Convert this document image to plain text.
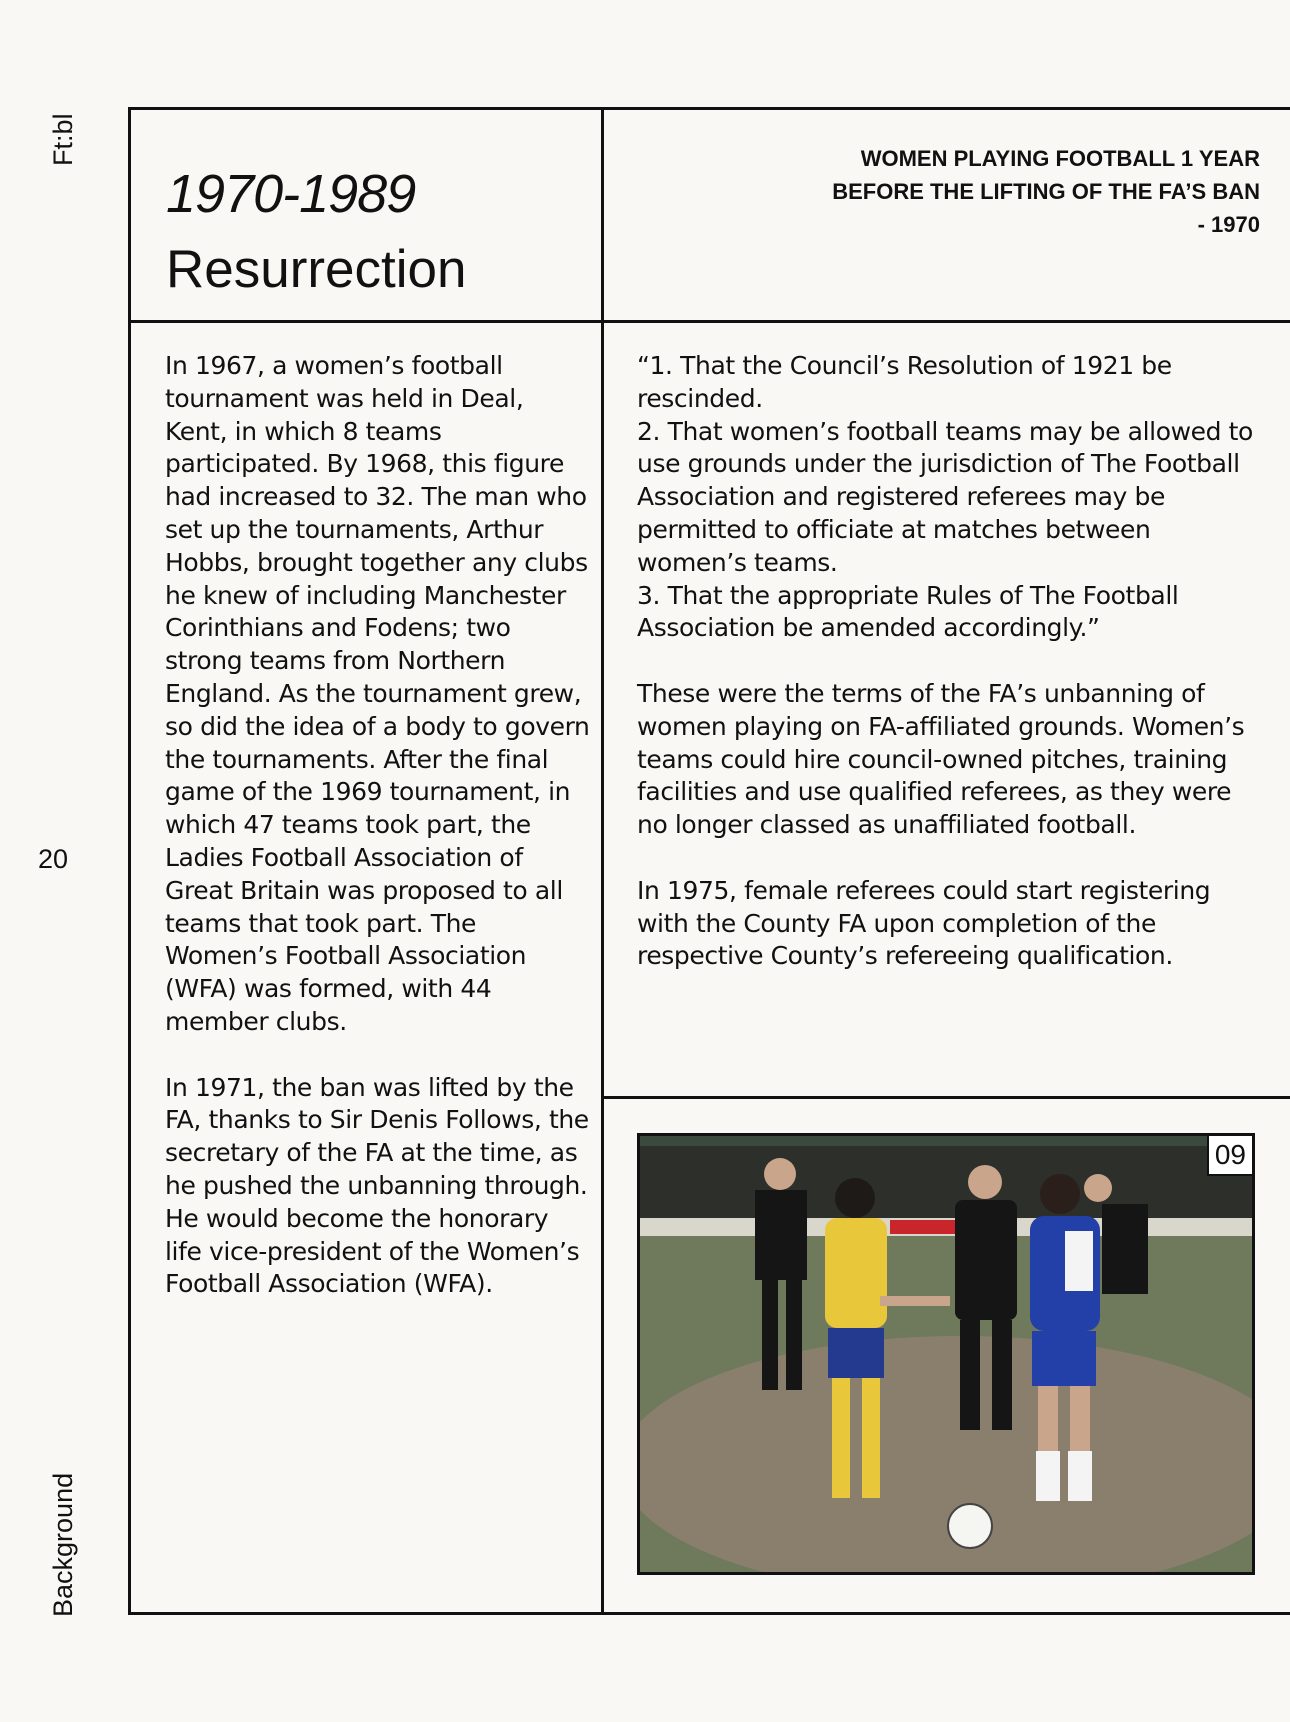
Ft:bl
20
Background
1970-1989
Resurrection
WOMEN PLAYING FOOTBALL 1 YEAR BEFORE THE LIFTING OF THE FA’S BAN - 1970

In 1967, a women’s football tournament was held in Deal, Kent, in which 8 teams participated. By 1968, this figure had increased to 32. The man who set up the tournaments, Arthur Hobbs, brought together any clubs he knew of including Manchester Corinthians and Fodens; two strong teams from Northern England. As the tournament grew, so did the idea of a body to govern the tournaments. After the final game of the 1969 tournament, in which 47 teams took part, the Ladies Football Association of Great Britain was proposed to all teams that took part. The Women’s Football Association (WFA) was formed, with 44 member clubs.

In 1971, the ban was lifted by the FA, thanks to Sir Denis Follows, the secretary of the FA at the time, as he pushed the unbanning through. He would become the honorary life vice-president of the Women’s Football Association (WFA).

“1. That the Council’s Resolution of 1921 be rescinded.
2. That women’s football teams may be allowed to use grounds under the jurisdiction of The Football Association and registered referees may be permitted to officiate at matches between women’s teams.
3. That the appropriate Rules of The Football Association be amended accordingly.”

These were the terms of the FA’s unbanning of women playing on FA-affiliated grounds. Women’s teams could hire council-owned pitches, training facilities and use qualified referees, as they were no longer classed as unaffiliated football.

In 1975, female referees could start registering with the County FA upon completion of the respective County’s refereeing qualification.

09
